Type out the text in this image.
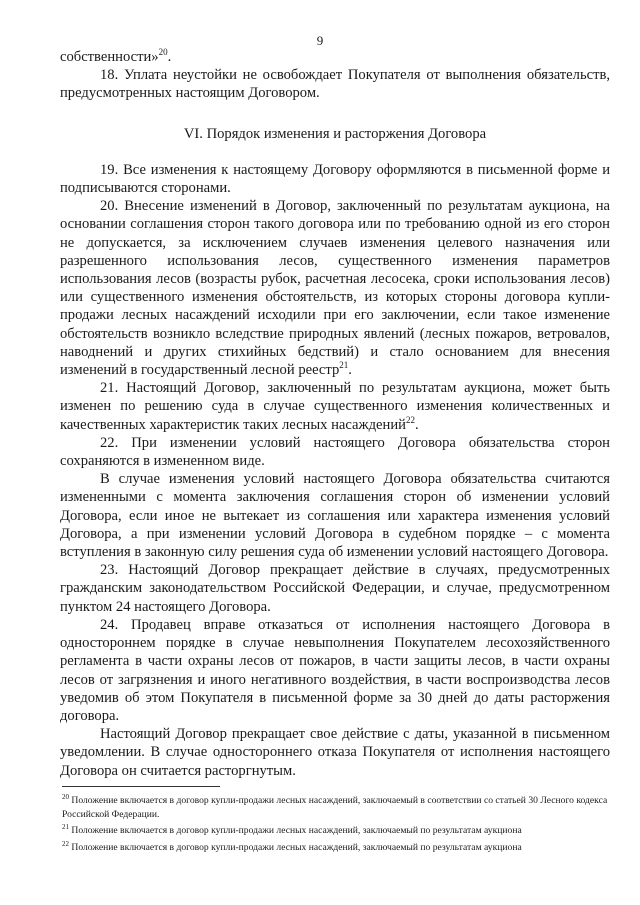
9

собственности»$^{20}$.

18. Уплата неустойки не освобождает Покупателя от выполнения обязательств, предусмотренных настоящим Договором.

VI. Порядок изменения и расторжения Договора

19. Все изменения к настоящему Договору оформляются в письменной форме и подписываются сторонами.

20. Внесение изменений в Договор, заключенный по результатам аукциона, на основании соглашения сторон такого договора или по требованию одной из его сторон не допускается, за исключением случаев изменения целевого назначения или разрешенного использования лесов, существенного изменения параметров использования лесов (возрасты рубок, расчетная лесосека, сроки использования лесов) или существенного изменения обстоятельств, из которых стороны договора купли-продажи лесных насаждений исходили при его заключении, если такое изменение обстоятельств возникло вследствие природных явлений (лесных пожаров, ветровалов, наводнений и других стихийных бедствий) и стало основанием для внесения изменений в государственный лесной реестр$^{21}$.

21. Настоящий Договор, заключенный по результатам аукциона, может быть изменен по решению суда в случае существенного изменения количественных и качественных характеристик таких лесных насаждений$^{22}$.

22. При изменении условий настоящего Договора обязательства сторон сохраняются в измененном виде.

В случае изменения условий настоящего Договора обязательства считаются измененными с момента заключения соглашения сторон об изменении условий Договора, если иное не вытекает из соглашения или характера изменения условий Договора, а при изменении условий Договора в судебном порядке – с момента вступления в законную силу решения суда об изменении условий настоящего Договора.

23. Настоящий Договор прекращает действие в случаях, предусмотренных гражданским законодательством Российской Федерации, и случае, предусмотренном пунктом 24 настоящего Договора.

24. Продавец вправе отказаться от исполнения настоящего Договора в одностороннем порядке в случае невыполнения Покупателем лесохозяйственного регламента в части охраны лесов от пожаров, в части защиты лесов, в части охраны лесов от загрязнения и иного негативного воздействия, в части воспроизводства лесов уведомив об этом Покупателя в письменной форме за 30 дней до даты расторжения договора.

Настоящий Договор прекращает свое действие с даты, указанной в письменном уведомлении. В случае одностороннего отказа Покупателя от исполнения настоящего Договора он считается расторгнутым.

$^{20}$ Положение включается в договор купли-продажи лесных насаждений, заключаемый в соответствии со статьей 30 Лесного кодекса Российской Федерации.

$^{21}$ Положение включается в договор купли-продажи лесных насаждений, заключаемый по результатам аукциона

$^{22}$ Положение включается в договор купли-продажи лесных насаждений, заключаемый по результатам аукциона
